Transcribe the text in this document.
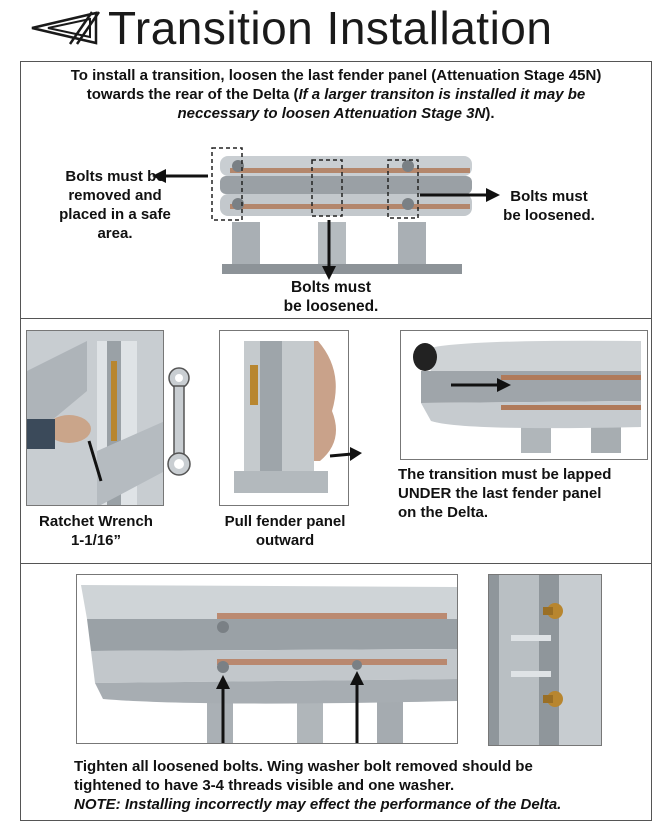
Transition Installation
To install a transition, loosen the last fender panel (Attenuation Stage 45N)
towards the rear of the Delta (If a larger transiton is installed it may be
neccessary to loosen Attenuation Stage 3N).
Bolts must be
removed and
placed in a safe
area.
Bolts must
be loosened.
Bolts must
be loosened.
Ratchet Wrench
1-1/16”
Pull fender panel
outward
The transition must be lapped
UNDER the last fender panel
on the Delta.
Tighten all loosened bolts. Wing washer bolt removed should be
tightened to have 3-4 threads visible and one washer.
NOTE: Installing incorrectly may effect the performance of the Delta.
